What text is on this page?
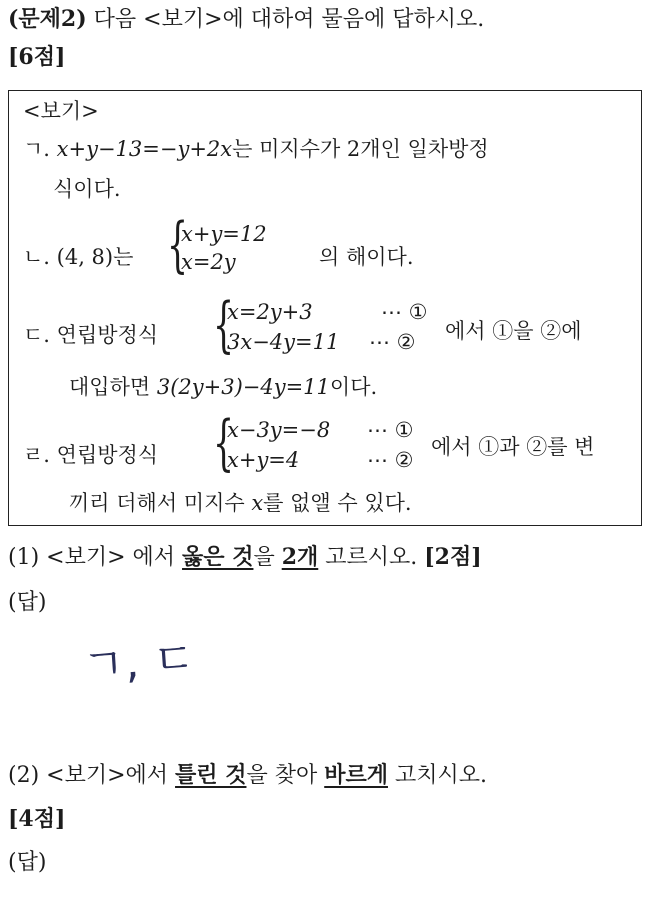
(문제2) 다음 <보기>에 대하여 물음에 답하시오.
[6점]
<보기>
ㄱ. x+y−13=−y+2x는 미지수가 2개인 일차방정
식이다.
ㄴ. (4, 8)는 {
x+y=12
x=2y	의 해이다.
ㄷ. 연립방정식 {
x=2y+3	⋯ ①
3x−4y=11 ⋯ ② 에서 ①을 ②에
대입하면 3(2y+3)−4y=11이다.
ㄹ. 연립방정식 {
x−3y=−8 ⋯ ①
x+y=4	⋯ ②
에서 ①과 ②를 변
끼리 더해서 미지수 x를 없앨 수 있다.
(1) <보기> 에서 옳은 것을 2개 고르시오. [2점]
(답)
ㄱ, ㄷ
(2) <보기>에서 틀린 것을 찾아 바르게 고치시오.
[4점]
(답)
